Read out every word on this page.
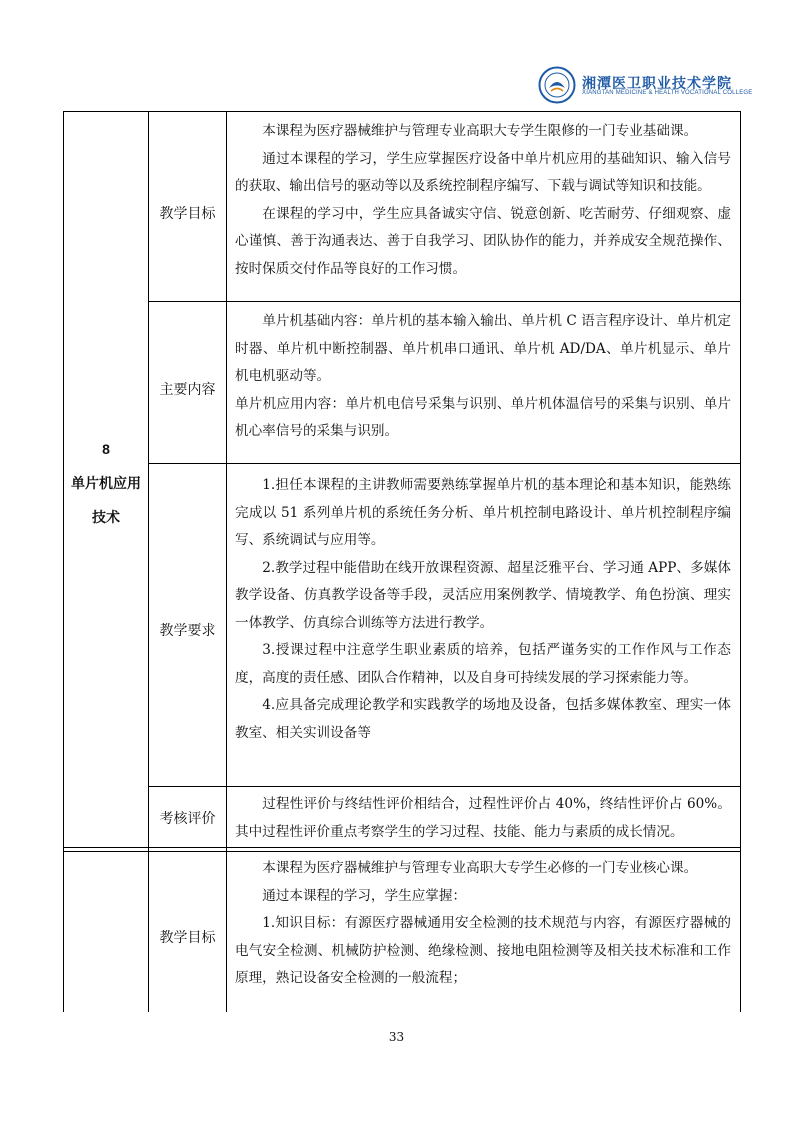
湘潭医卫职业技术学院
XIANGTAN MEDICINE & HEALTH VOCATIONAL COLLEGE
8
单片机应用
技术
教学目标

本课程为医疗器械维护与管理专业高职大专学生限修的一门专业基础课。

通过本课程的学习，学生应掌握医疗设备中单片机应用的基础知识、输入信号的获取、输出信号的驱动等以及系统控制程序编写、下载与调试等知识和技能。

在课程的学习中，学生应具备诚实守信、锐意创新、吃苦耐劳、仔细观察、虚心谨慎、善于沟通表达、善于自我学习、团队协作的能力，并养成安全规范操作、按时保质交付作品等良好的工作习惯。

主要内容

单片机基础内容：单片机的基本输入输出、单片机 C 语言程序设计、单片机定时器、单片机中断控制器、单片机串口通讯、单片机 AD/DA、单片机显示、单片机电机驱动等。

单片机应用内容：单片机电信号采集与识别、单片机体温信号的采集与识别、单片机心率信号的采集与识别。

教学要求

1.担任本课程的主讲教师需要熟练掌握单片机的基本理论和基本知识，能熟练完成以 51 系列单片机的系统任务分析、单片机控制电路设计、单片机控制程序编写、系统调试与应用等。

2.教学过程中能借助在线开放课程资源、超星泛雅平台、学习通 APP、多媒体教学设备、仿真教学设备等手段，灵活应用案例教学、情境教学、角色扮演、理实一体教学、仿真综合训练等方法进行教学。

3.授课过程中注意学生职业素质的培养，包括严谨务实的工作作风与工作态度，高度的责任感、团队合作精神，以及自身可持续发展的学习探索能力等。

4.应具备完成理论教学和实践教学的场地及设备，包括多媒体教室、理实一体教室、相关实训设备等

考核评价

过程性评价与终结性评价相结合，过程性评价占 40%，终结性评价占 60%。其中过程性评价重点考察学生的学习过程、技能、能力与素质的成长情况。

教学目标

本课程为医疗器械维护与管理专业高职大专学生必修的一门专业核心课。

通过本课程的学习，学生应掌握：

1.知识目标：有源医疗器械通用安全检测的技术规范与内容，有源医疗器械的电气安全检测、机械防护检测、绝缘检测、接地电阻检测等及相关技术标准和工作原理，熟记设备安全检测的一般流程；

33
